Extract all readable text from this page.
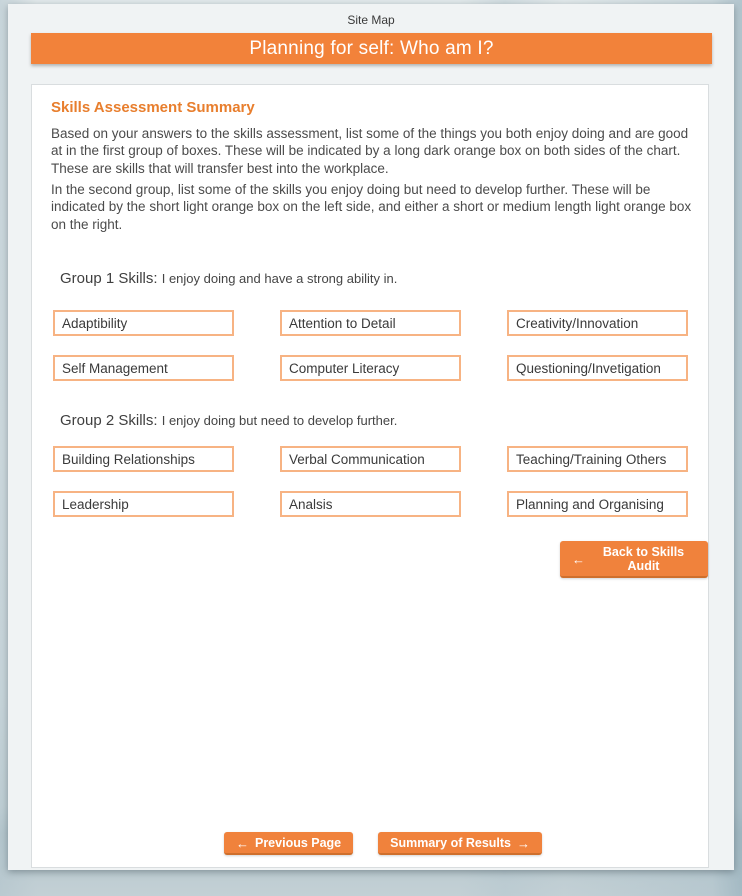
Site Map
Planning for self: Who am I?
Skills Assessment Summary
Based on your answers to the skills assessment, list some of the things you both enjoy doing and are good at in the first group of boxes. These will be indicated by a long dark orange box on both sides of the chart. These are skills that will transfer best into the workplace.
In the second group, list some of the skills you enjoy doing but need to develop further. These will be indicated by the short light orange box on the left side, and either a short or medium length light orange box on the right.
Group 1 Skills: I enjoy doing and have a strong ability in.
Adaptibility
Attention to Detail
Creativity/Innovation
Self Management
Computer Literacy
Questioning/Invetigation
Group 2 Skills: I enjoy doing but need to develop further.
Building Relationships
Verbal Communication
Teaching/Training Others
Leadership
Analsis
Planning and Organising
←	Back to Skills Audit
← Previous Page	Summary of Results →
